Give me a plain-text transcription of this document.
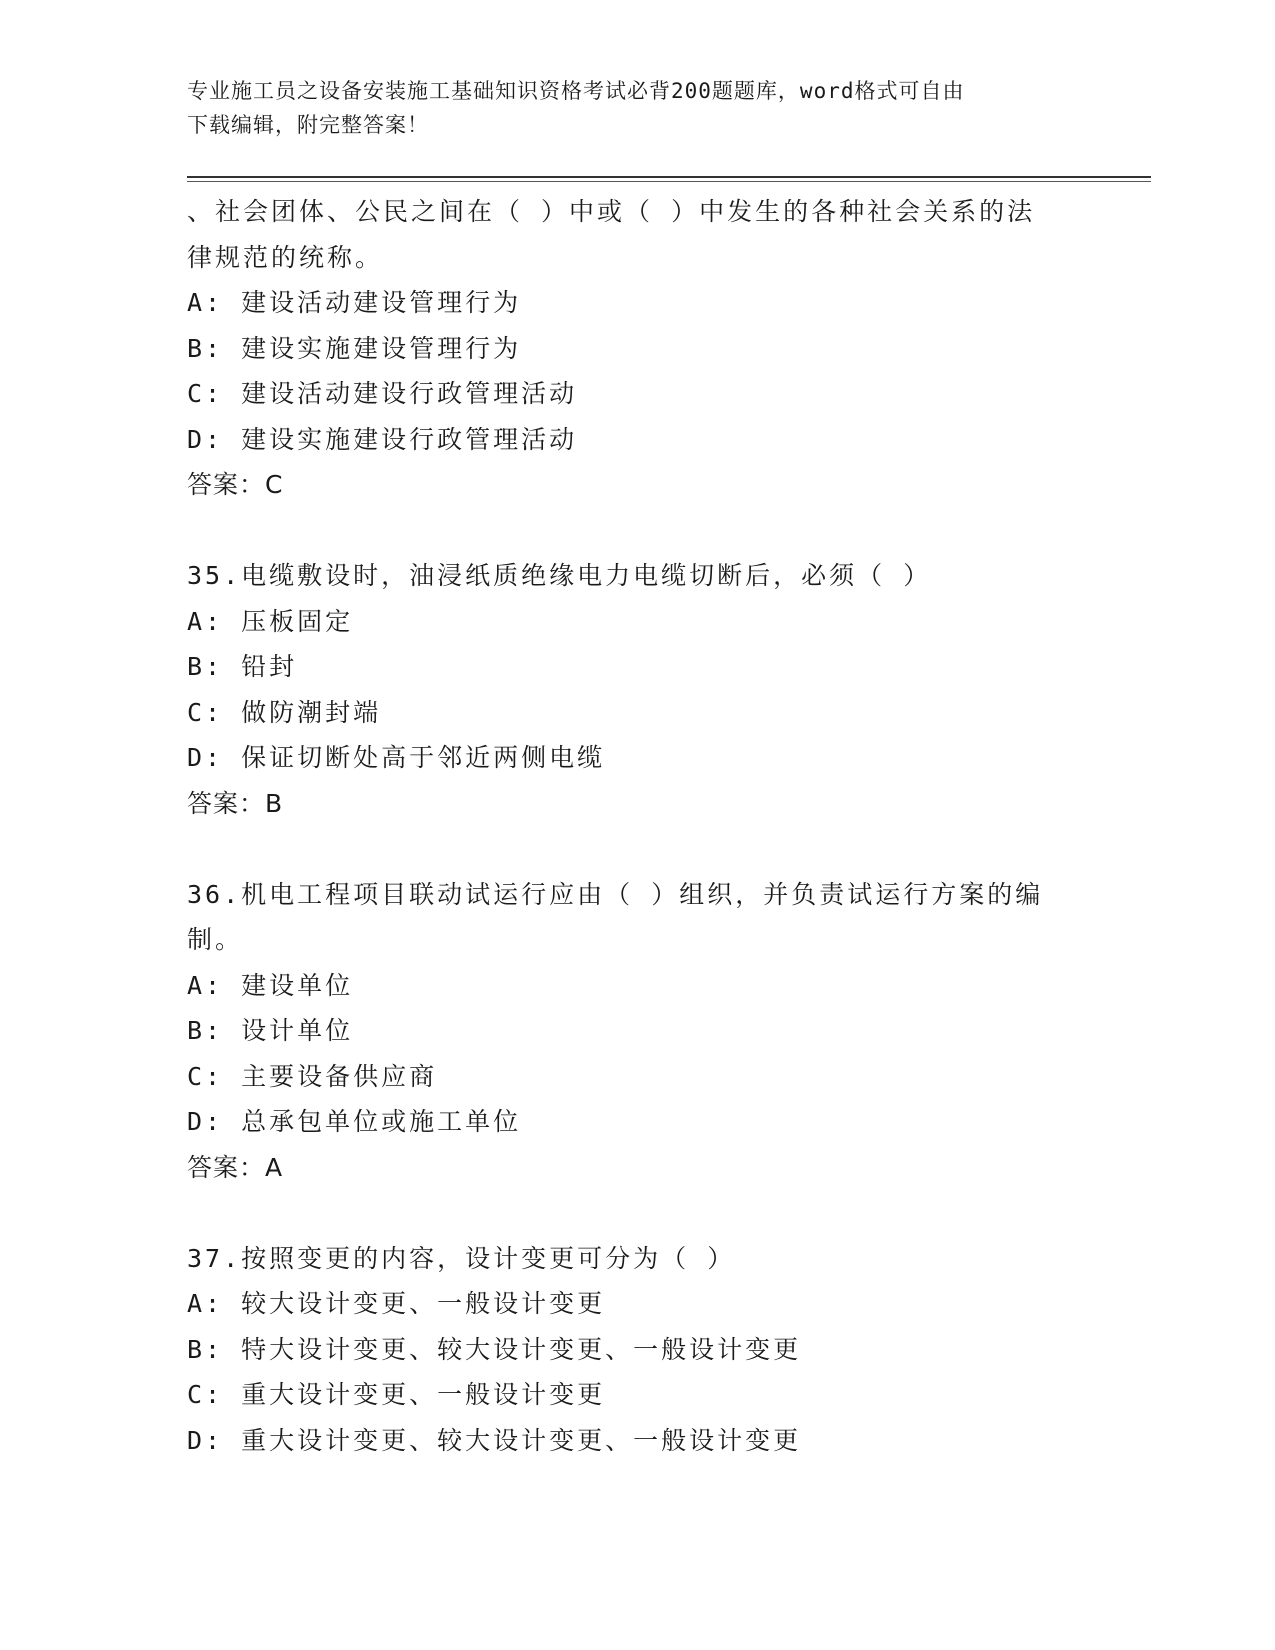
专业施工员之设备安装施工基础知识资格考试必背200题题库，word格式可自由
下载编辑，附完整答案！
、社会团体、公民之间在（ ）中或（ ）中发生的各种社会关系的法
律规范的统称。
A: 建设活动建设管理行为
B: 建设实施建设管理行为
C: 建设活动建设行政管理活动
D: 建设实施建设行政管理活动
答案：C
35.电缆敷设时，油浸纸质绝缘电力电缆切断后，必须（ ）
A: 压板固定
B: 铅封
C: 做防潮封端
D: 保证切断处高于邻近两侧电缆
答案：B
36.机电工程项目联动试运行应由（ ）组织，并负责试运行方案的编
制。
A: 建设单位
B: 设计单位
C: 主要设备供应商
D: 总承包单位或施工单位
答案：A
37.按照变更的内容，设计变更可分为（ ）
A: 较大设计变更、一般设计变更
B: 特大设计变更、较大设计变更、一般设计变更
C: 重大设计变更、一般设计变更
D: 重大设计变更、较大设计变更、一般设计变更
